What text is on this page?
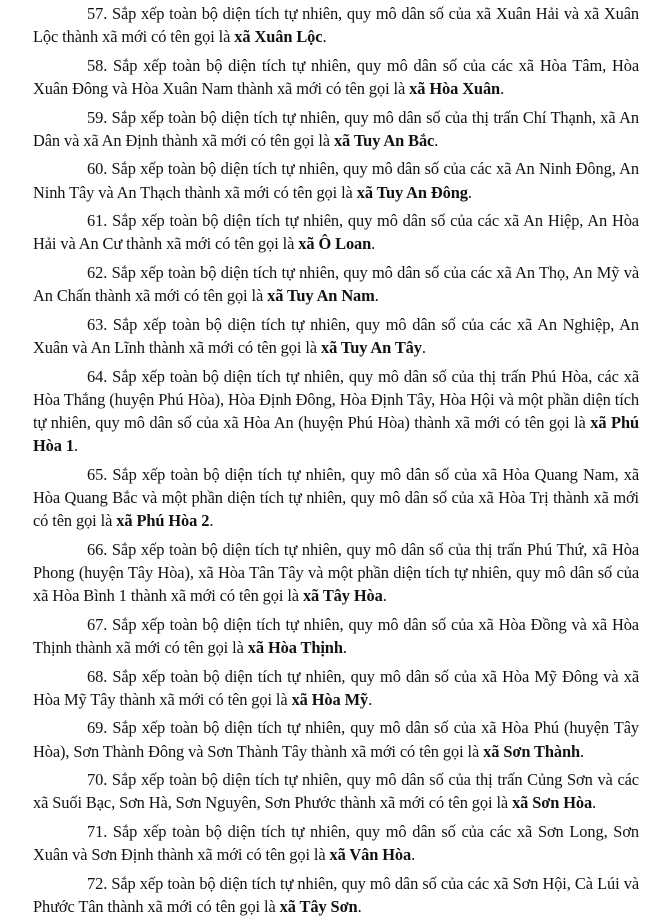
57. Sắp xếp toàn bộ diện tích tự nhiên, quy mô dân số của xã Xuân Hải và xã Xuân Lộc thành xã mới có tên gọi là xã Xuân Lộc.

58. Sắp xếp toàn bộ diện tích tự nhiên, quy mô dân số của các xã Hòa Tâm, Hòa Xuân Đông và Hòa Xuân Nam thành xã mới có tên gọi là xã Hòa Xuân.

59. Sắp xếp toàn bộ diện tích tự nhiên, quy mô dân số của thị trấn Chí Thạnh, xã An Dân và xã An Định thành xã mới có tên gọi là xã Tuy An Bắc.

60. Sắp xếp toàn bộ diện tích tự nhiên, quy mô dân số của các xã An Ninh Đông, An Ninh Tây và An Thạch thành xã mới có tên gọi là xã Tuy An Đông.

61. Sắp xếp toàn bộ diện tích tự nhiên, quy mô dân số của các xã An Hiệp, An Hòa Hải và An Cư thành xã mới có tên gọi là xã Ô Loan.

62. Sắp xếp toàn bộ diện tích tự nhiên, quy mô dân số của các xã An Thọ, An Mỹ và An Chấn thành xã mới có tên gọi là xã Tuy An Nam.

63. Sắp xếp toàn bộ diện tích tự nhiên, quy mô dân số của các xã An Nghiệp, An Xuân và An Lĩnh thành xã mới có tên gọi là xã Tuy An Tây.

64. Sắp xếp toàn bộ diện tích tự nhiên, quy mô dân số của thị trấn Phú Hòa, các xã Hòa Thắng (huyện Phú Hòa), Hòa Định Đông, Hòa Định Tây, Hòa Hội và một phần diện tích tự nhiên, quy mô dân số của xã Hòa An (huyện Phú Hòa) thành xã mới có tên gọi là xã Phú Hòa 1.

65. Sắp xếp toàn bộ diện tích tự nhiên, quy mô dân số của xã Hòa Quang Nam, xã Hòa Quang Bắc và một phần diện tích tự nhiên, quy mô dân số của xã Hòa Trị thành xã mới có tên gọi là xã Phú Hòa 2.

66. Sắp xếp toàn bộ diện tích tự nhiên, quy mô dân số của thị trấn Phú Thứ, xã Hòa Phong (huyện Tây Hòa), xã Hòa Tân Tây và một phần diện tích tự nhiên, quy mô dân số của xã Hòa Bình 1 thành xã mới có tên gọi là xã Tây Hòa.

67. Sắp xếp toàn bộ diện tích tự nhiên, quy mô dân số của xã Hòa Đồng và xã Hòa Thịnh thành xã mới có tên gọi là xã Hòa Thịnh.

68. Sắp xếp toàn bộ diện tích tự nhiên, quy mô dân số của xã Hòa Mỹ Đông và xã Hòa Mỹ Tây thành xã mới có tên gọi là xã Hòa Mỹ.

69. Sắp xếp toàn bộ diện tích tự nhiên, quy mô dân số của xã Hòa Phú (huyện Tây Hòa), Sơn Thành Đông và Sơn Thành Tây thành xã mới có tên gọi là xã Sơn Thành.

70. Sắp xếp toàn bộ diện tích tự nhiên, quy mô dân số của thị trấn Củng Sơn và các xã Suối Bạc, Sơn Hà, Sơn Nguyên, Sơn Phước thành xã mới có tên gọi là xã Sơn Hòa.

71. Sắp xếp toàn bộ diện tích tự nhiên, quy mô dân số của các xã Sơn Long, Sơn Xuân và Sơn Định thành xã mới có tên gọi là xã Vân Hòa.

72. Sắp xếp toàn bộ diện tích tự nhiên, quy mô dân số của các xã Sơn Hội, Cà Lúi và Phước Tân thành xã mới có tên gọi là xã Tây Sơn.
